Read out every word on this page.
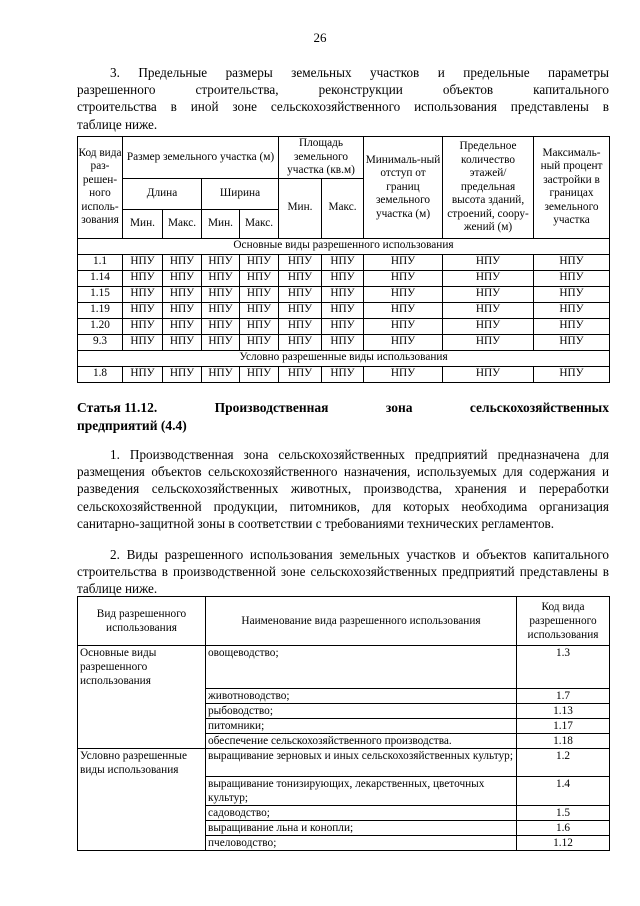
26
3. Предельные размеры земельных участков и предельные параметры
разрешенного строительства, реконструкции объектов капитального
строительства в иной зоне сельскохозяйственного использования представлены в
таблице ниже.
Код вида раз-решен-ного исполь-зования	Размер земельного участка (м)				Площадь земельного участка (кв.м)		Минималь-ный отступ от границ земельного участка (м)	Предельное количество этажей/ предельная высота зданий, строений, соору-жений (м)	Максималь-ный процент застройки в границах земельного участка
	Длина		Ширина		Мин.	Макс.			
	Мин.	Макс.	Мин.	Макс.					
Основные виды разрешенного использования									
1.1	НПУ	НПУ	НПУ	НПУ	НПУ	НПУ	НПУ	НПУ	НПУ
1.14	НПУ	НПУ	НПУ	НПУ	НПУ	НПУ	НПУ	НПУ	НПУ
1.15	НПУ	НПУ	НПУ	НПУ	НПУ	НПУ	НПУ	НПУ	НПУ
1.19	НПУ	НПУ	НПУ	НПУ	НПУ	НПУ	НПУ	НПУ	НПУ
1.20	НПУ	НПУ	НПУ	НПУ	НПУ	НПУ	НПУ	НПУ	НПУ
9.3	НПУ	НПУ	НПУ	НПУ	НПУ	НПУ	НПУ	НПУ	НПУ
Условно разрешенные виды использования									
1.8	НПУ	НПУ	НПУ	НПУ	НПУ	НПУ	НПУ	НПУ	НПУ
Статья 11.12.	Производственная	зона	сельскохозяйственных
предприятий (4.4)
1. Производственная зона сельскохозяйственных предприятий предназначена для размещения объектов сельскохозяйственного назначения, используемых для содержания и разведения сельскохозяйственных животных, производства, хранения и переработки сельскохозяйственной продукции, питомников, для которых необходима организация санитарно-защитной зоны в соответствии с требованиями технических регламентов.
2. Виды разрешенного использования земельных участков и объектов капитального строительства в производственной зоне сельскохозяйственных предприятий представлены в таблице ниже.
Вид разрешенного использования	Наименование вида разрешенного использования	Код вида разрешенного использования
Основные виды разрешенного использования	овощеводство;	1.3
	животноводство;	1.7
	рыбоводство;	1.13
	питомники;	1.17
	обеспечение сельскохозяйственного производства.	1.18
Условно разрешенные виды использования	выращивание зерновых и иных сельскохозяйственных культур;	1.2
	выращивание тонизирующих, лекарственных, цветочных культур;	1.4
	садоводство;	1.5
	выращивание льна и конопли;	1.6
	пчеловодство;	1.12
